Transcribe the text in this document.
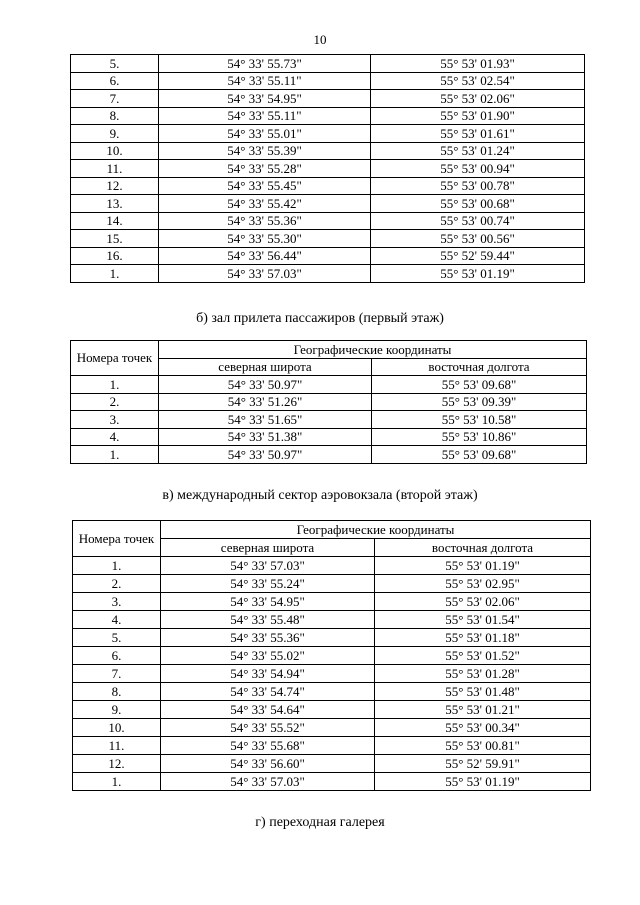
10
5.	54° 33' 55.73"	55° 53' 01.93"
6.	54° 33' 55.11"	55° 53' 02.54"
7.	54° 33' 54.95"	55° 53' 02.06"
8.	54° 33' 55.11"	55° 53' 01.90"
9.	54° 33' 55.01"	55° 53' 01.61"
10.	54° 33' 55.39"	55° 53' 01.24"
11.	54° 33' 55.28"	55° 53' 00.94"
12.	54° 33' 55.45"	55° 53' 00.78"
13.	54° 33' 55.42"	55° 53' 00.68"
14.	54° 33' 55.36"	55° 53' 00.74"
15.	54° 33' 55.30"	55° 53' 00.56"
16.	54° 33' 56.44"	55° 52' 59.44"
1.	54° 33' 57.03"	55° 53' 01.19"
б) зал прилета пассажиров (первый этаж)
Номера точек	Географические координаты	
	северная широта	восточная долгота
1.	54° 33' 50.97"	55° 53' 09.68"
2.	54° 33' 51.26"	55° 53' 09.39"
3.	54° 33' 51.65"	55° 53' 10.58"
4.	54° 33' 51.38"	55° 53' 10.86"
1.	54° 33' 50.97"	55° 53' 09.68"
в) международный сектор аэровокзала (второй этаж)
Номера точек	Географические координаты	
	северная широта	восточная долгота
1.	54° 33' 57.03"	55° 53' 01.19"
2.	54° 33' 55.24"	55° 53' 02.95"
3.	54° 33' 54.95"	55° 53' 02.06"
4.	54° 33' 55.48"	55° 53' 01.54"
5.	54° 33' 55.36"	55° 53' 01.18"
6.	54° 33' 55.02"	55° 53' 01.52"
7.	54° 33' 54.94"	55° 53' 01.28"
8.	54° 33' 54.74"	55° 53' 01.48"
9.	54° 33' 54.64"	55° 53' 01.21"
10.	54° 33' 55.52"	55° 53' 00.34"
11.	54° 33' 55.68"	55° 53' 00.81"
12.	54° 33' 56.60"	55° 52' 59.91"
1.	54° 33' 57.03"	55° 53' 01.19"
г) переходная галерея
